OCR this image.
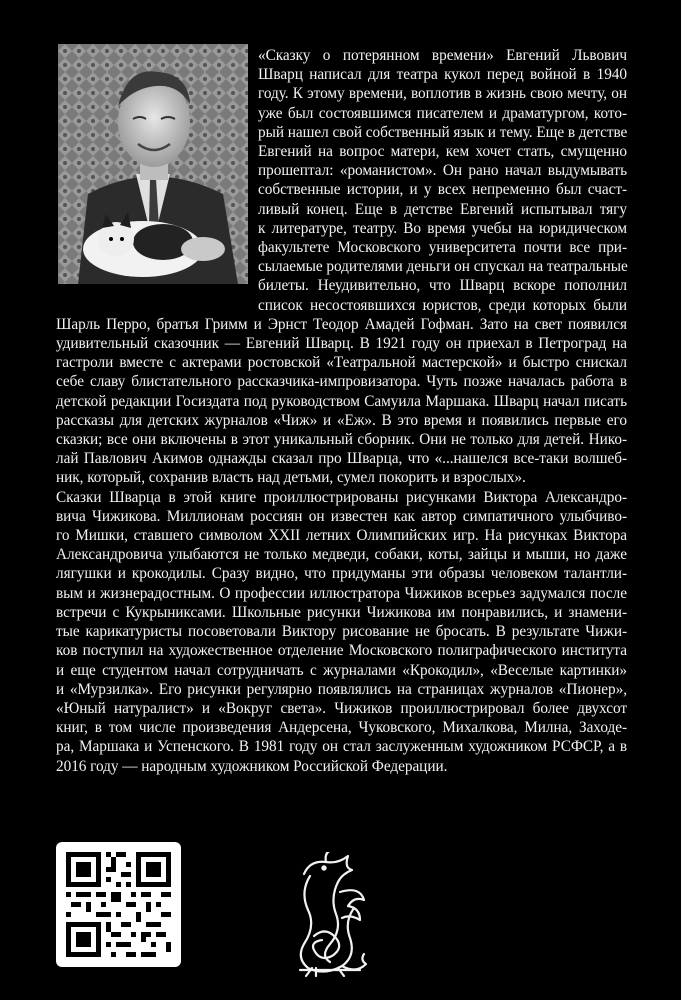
«Сказку о потерянном времени» Евгений Львович
Шварц написал для театра кукол перед войной в 1940
году. К этому времени, воплотив в жизнь свою мечту, он
уже был состоявшимся писателем и драматургом, кото-
рый нашел свой собственный язык и тему. Еще в детстве
Евгений на вопрос матери, кем хочет стать, смущенно
прошептал: «романистом». Он рано начал выдумывать
собственные истории, и у всех непременно был счаст-
ливый конец. Еще в детстве Евгений испытывал тягу
к литературе, театру. Во время учебы на юридическом
факультете Московского университета почти все при-
сылаемые родителями деньги он спускал на театральные
билеты. Неудивительно, что Шварц вскоре пополнил
список несостоявшихся юристов, среди которых были
Шарль Перро, братья Гримм и Эрнст Теодор Амадей Гофман. Зато на свет появился
удивительный сказочник — Евгений Шварц. В 1921 году он приехал в Петроград на
гастроли вместе с актерами ростовской «Театральной мастерской» и быстро снискал
себе славу блистательного рассказчика-импровизатора. Чуть позже началась работа в
детской редакции Госиздата под руководством Самуила Маршака. Шварц начал писать
рассказы для детских журналов «Чиж» и «Еж». В это время и появились первые его
сказки; все они включены в этот уникальный сборник. Они не только для детей. Нико-
лай Павлович Акимов однажды сказал про Шварца, что «...нашелся все-таки волшеб-
ник, который, сохранив власть над детьми, сумел покорить и взрослых».
Сказки Шварца в этой книге проиллюстрированы рисунками Виктора Александро-
вича Чижикова. Миллионам россиян он известен как автор симпатичного улыбчиво-
го Мишки, ставшего символом XXII летних Олимпийских игр. На рисунках Виктора
Александровича улыбаются не только медведи, собаки, коты, зайцы и мыши, но даже
лягушки и крокодилы. Сразу видно, что придуманы эти образы человеком талантли-
вым и жизнерадостным. О профессии иллюстратора Чижиков всерьез задумался после
встречи с Кукрыниксами. Школьные рисунки Чижикова им понравились, и знамени-
тые карикатуристы посоветовали Виктору рисование не бросать. В результате Чижи-
ков поступил на художественное отделение Московского полиграфического института
и еще студентом начал сотрудничать с журналами «Крокодил», «Веселые картинки»
и «Мурзилка». Его рисунки регулярно появлялись на страницах журналов «Пионер»,
«Юный натуралист» и «Вокруг света». Чижиков проиллюстрировал более двухсот
книг, в том числе произведения Андерсена, Чуковского, Михалкова, Милна, Заходе-
ра, Маршака и Успенского. В 1981 году он стал заслуженным художником РСФСР, а в
2016 году — народным художником Российской Федерации.
